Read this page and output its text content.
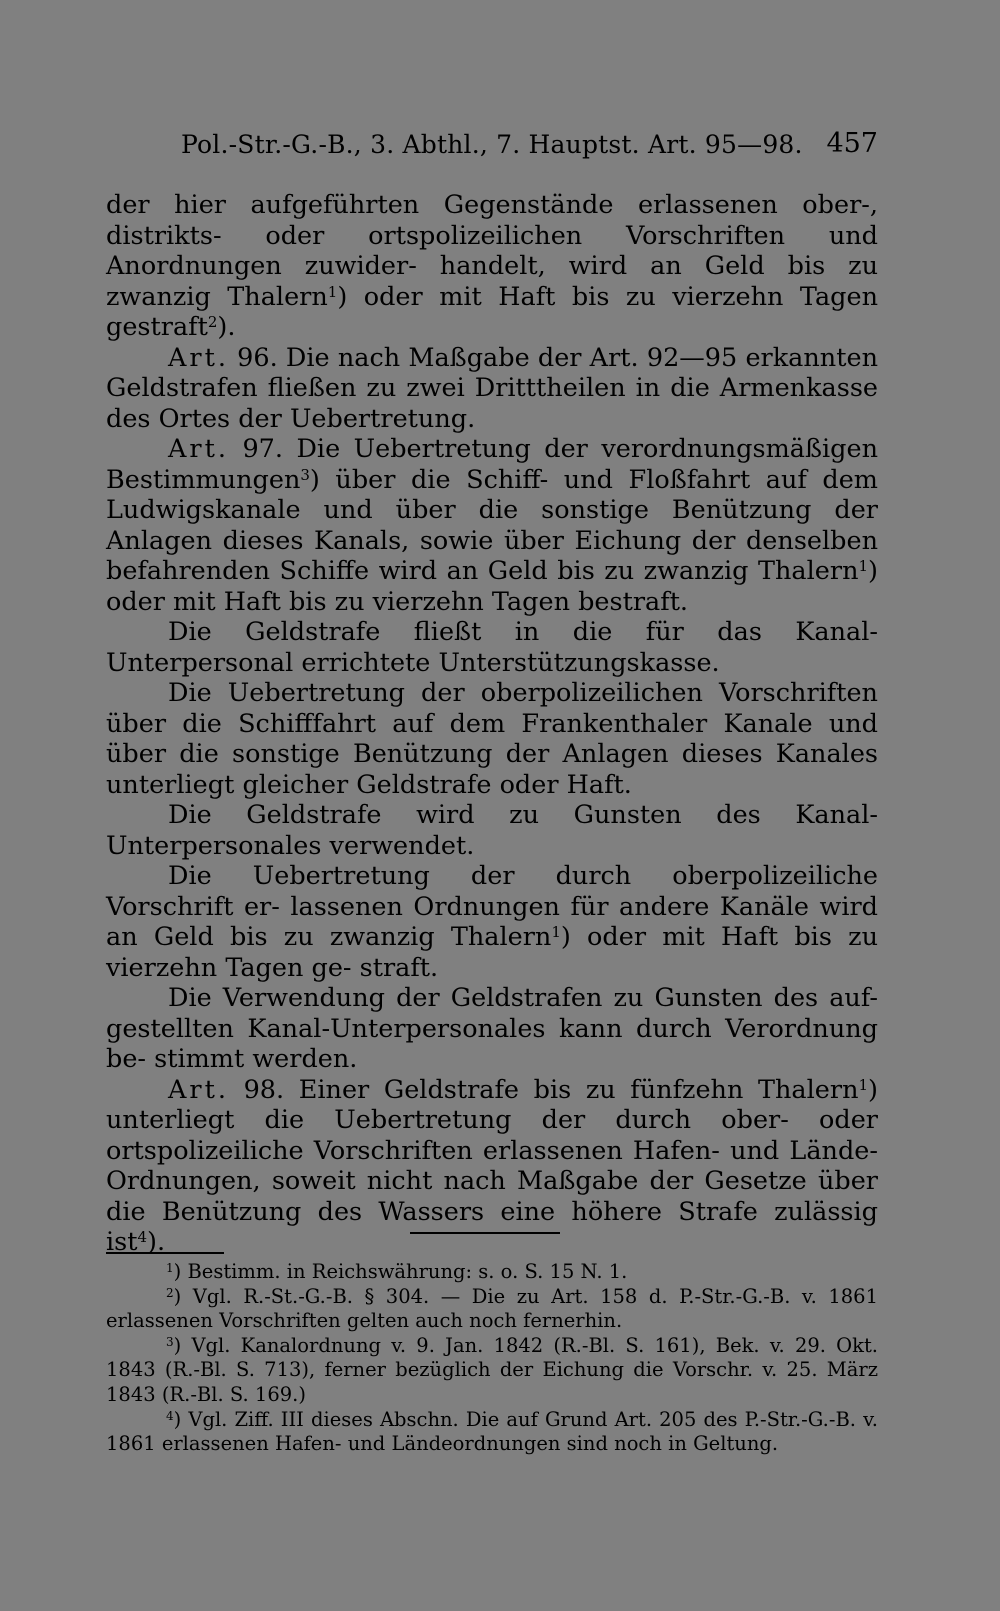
Pol.-Str.-G.-B., 3. Abthl., 7. Hauptst. Art. 95—98. 457

der hier aufgeführten Gegenstände erlassenen ober-, distrikts- oder ortspolizeilichen Vorschriften und Anordnungen zuwider- handelt, wird an Geld bis zu zwanzig Thalern$^1$) oder mit Haft bis zu vierzehn Tagen gestraft$^2$).

Art. 96. Die nach Maßgabe der Art. 92—95 erkannten Geldstrafen fließen zu zwei Dritttheilen in die Armenkasse des Ortes der Uebertretung.

Art. 97. Die Uebertretung der verordnungsmäßigen Bestimmungen$^3$) über die Schiff- und Floßfahrt auf dem Ludwigskanale und über die sonstige Benützung der Anlagen dieses Kanals, sowie über Eichung der denselben befahrenden Schiffe wird an Geld bis zu zwanzig Thalern$^1$) oder mit Haft bis zu vierzehn Tagen bestraft.

Die Geldstrafe fließt in die für das Kanal-Unterpersonal errichtete Unterstützungskasse.

Die Uebertretung der oberpolizeilichen Vorschriften über die Schifffahrt auf dem Frankenthaler Kanale und über die sonstige Benützung der Anlagen dieses Kanales unterliegt gleicher Geldstrafe oder Haft.

Die Geldstrafe wird zu Gunsten des Kanal-Unterpersonales verwendet.

Die Uebertretung der durch oberpolizeiliche Vorschrift er- lassenen Ordnungen für andere Kanäle wird an Geld bis zu zwanzig Thalern$^1$) oder mit Haft bis zu vierzehn Tagen ge- straft.

Die Verwendung der Geldstrafen zu Gunsten des auf- gestellten Kanal-Unterpersonales kann durch Verordnung be- stimmt werden.

Art. 98. Einer Geldstrafe bis zu fünfzehn Thalern$^1$) unterliegt die Uebertretung der durch ober- oder ortspolizeiliche Vorschriften erlassenen Hafen- und Lände-Ordnungen, soweit nicht nach Maßgabe der Gesetze über die Benützung des Wassers eine höhere Strafe zulässig ist$^4$).

$^1$) Bestimm. in Reichswährung: s. o. S. 15 N. 1.

$^2$) Vgl. R.-St.-G.-B. § 304. — Die zu Art. 158 d. P.-Str.-G.-B. v. 1861 erlassenen Vorschriften gelten auch noch fernerhin.

$^3$) Vgl. Kanalordnung v. 9. Jan. 1842 (R.-Bl. S. 161), Bek. v. 29. Okt. 1843 (R.-Bl. S. 713), ferner bezüglich der Eichung die Vorschr. v. 25. März 1843 (R.-Bl. S. 169.)

$^4$) Vgl. Ziff. III dieses Abschn. Die auf Grund Art. 205 des P.-Str.-G.-B. v. 1861 erlassenen Hafen- und Ländeordnungen sind noch in Geltung.
